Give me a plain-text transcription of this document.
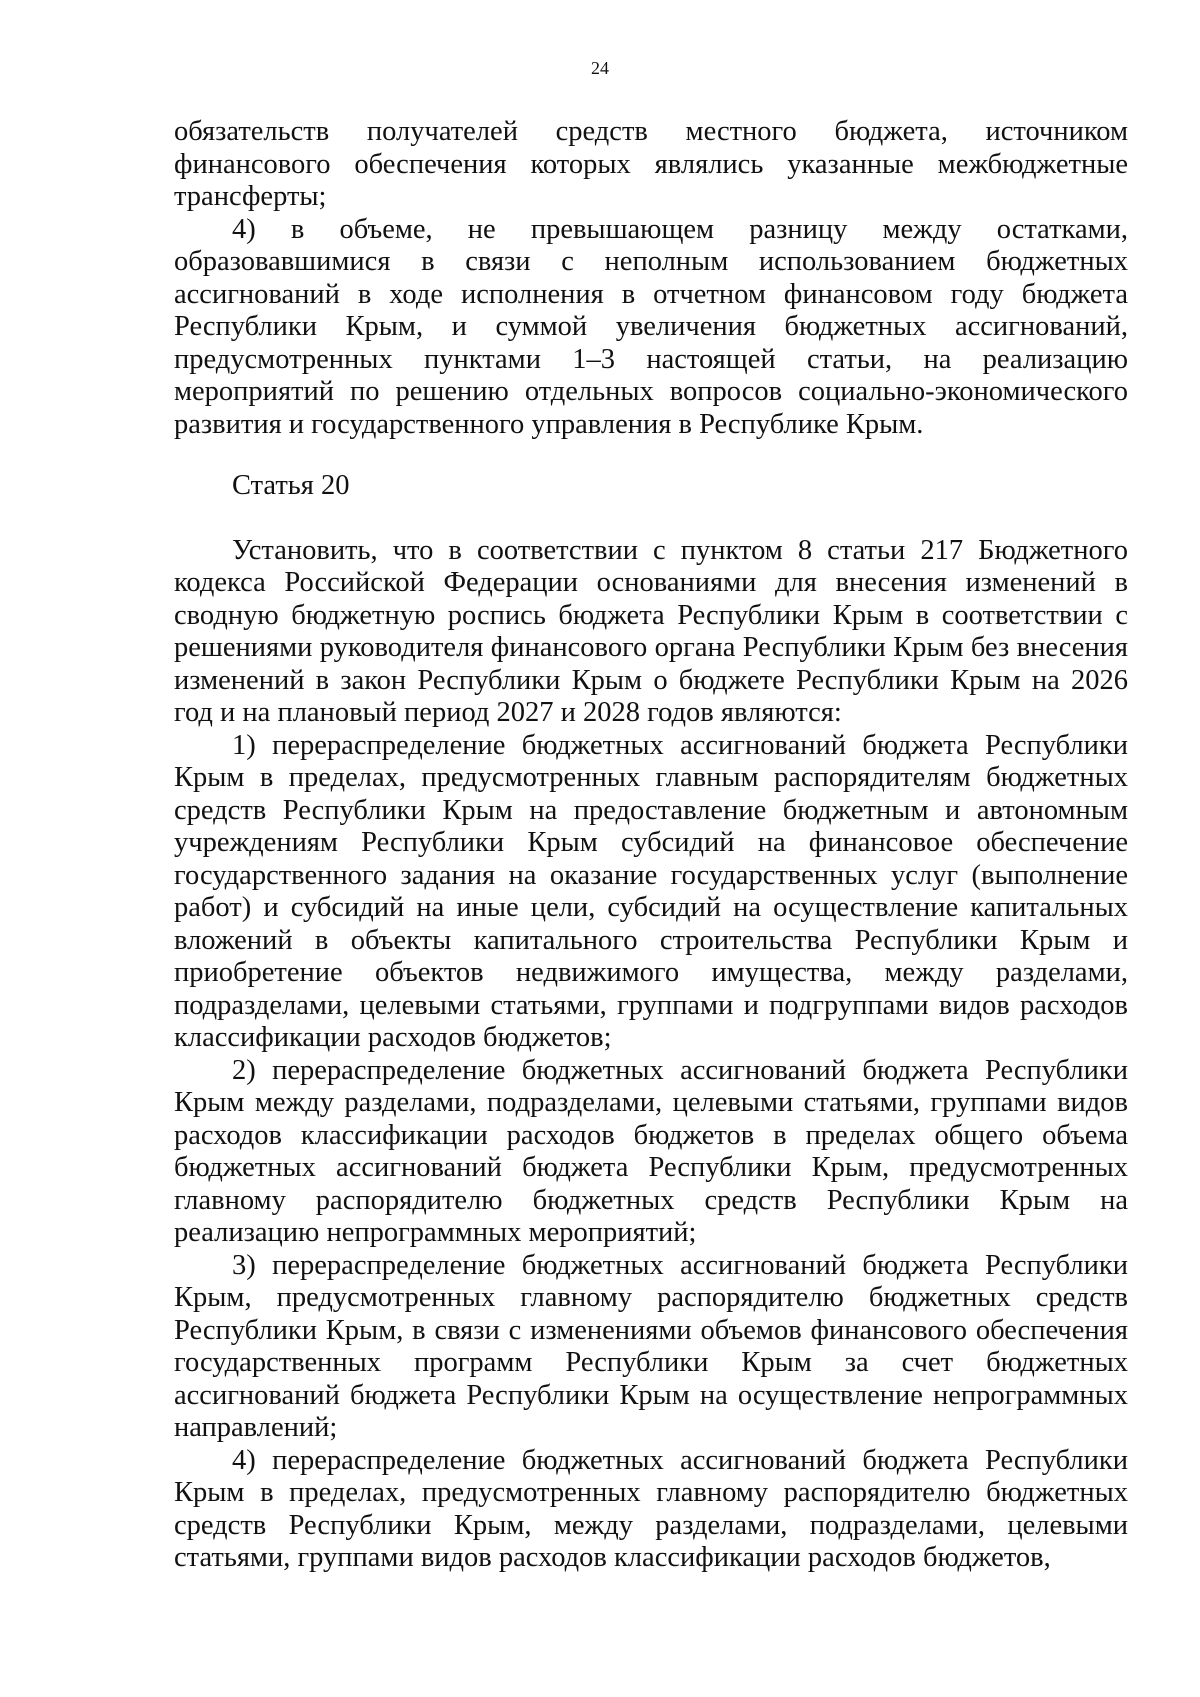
24

обязательств получателей средств местного бюджета, источником финансового обеспечения которых являлись указанные межбюджетные трансферты;

4) в объеме, не превышающем разницу между остатками, образовавшимися в связи с неполным использованием бюджетных ассигнований в ходе исполнения в отчетном финансовом году бюджета Республики Крым, и суммой увеличения бюджетных ассигнований, предусмотренных пунктами 1–3 настоящей статьи, на реализацию мероприятий по решению отдельных вопросов социально-экономического развития и государственного управления в Республике Крым.

Статья 20

Установить, что в соответствии с пунктом 8 статьи 217 Бюджетного кодекса Российской Федерации основаниями для внесения изменений в сводную бюджетную роспись бюджета Республики Крым в соответствии с решениями руководителя финансового органа Республики Крым без внесения изменений в закон Республики Крым о бюджете Республики Крым на 2026 год и на плановый период 2027 и 2028 годов являются:

1) перераспределение бюджетных ассигнований бюджета Республики Крым в пределах, предусмотренных главным распорядителям бюджетных средств Республики Крым на предоставление бюджетным и автономным учреждениям Республики Крым субсидий на финансовое обеспечение государственного задания на оказание государственных услуг (выполнение работ) и субсидий на иные цели, субсидий на осуществление капитальных вложений в объекты капитального строительства Республики Крым и приобретение объектов недвижимого имущества, между разделами, подразделами, целевыми статьями, группами и подгруппами видов расходов классификации расходов бюджетов;

2) перераспределение бюджетных ассигнований бюджета Республики Крым между разделами, подразделами, целевыми статьями, группами видов расходов классификации расходов бюджетов в пределах общего объема бюджетных ассигнований бюджета Республики Крым, предусмотренных главному распорядителю бюджетных средств Республики Крым на реализацию непрограммных мероприятий;

3) перераспределение бюджетных ассигнований бюджета Республики Крым, предусмотренных главному распорядителю бюджетных средств Республики Крым, в связи с изменениями объемов финансового обеспечения государственных программ Республики Крым за счет бюджетных ассигнований бюджета Республики Крым на осуществление непрограммных направлений;

4) перераспределение бюджетных ассигнований бюджета Республики Крым в пределах, предусмотренных главному распорядителю бюджетных средств Республики Крым, между разделами, подразделами, целевыми статьями, группами видов расходов классификации расходов бюджетов,
